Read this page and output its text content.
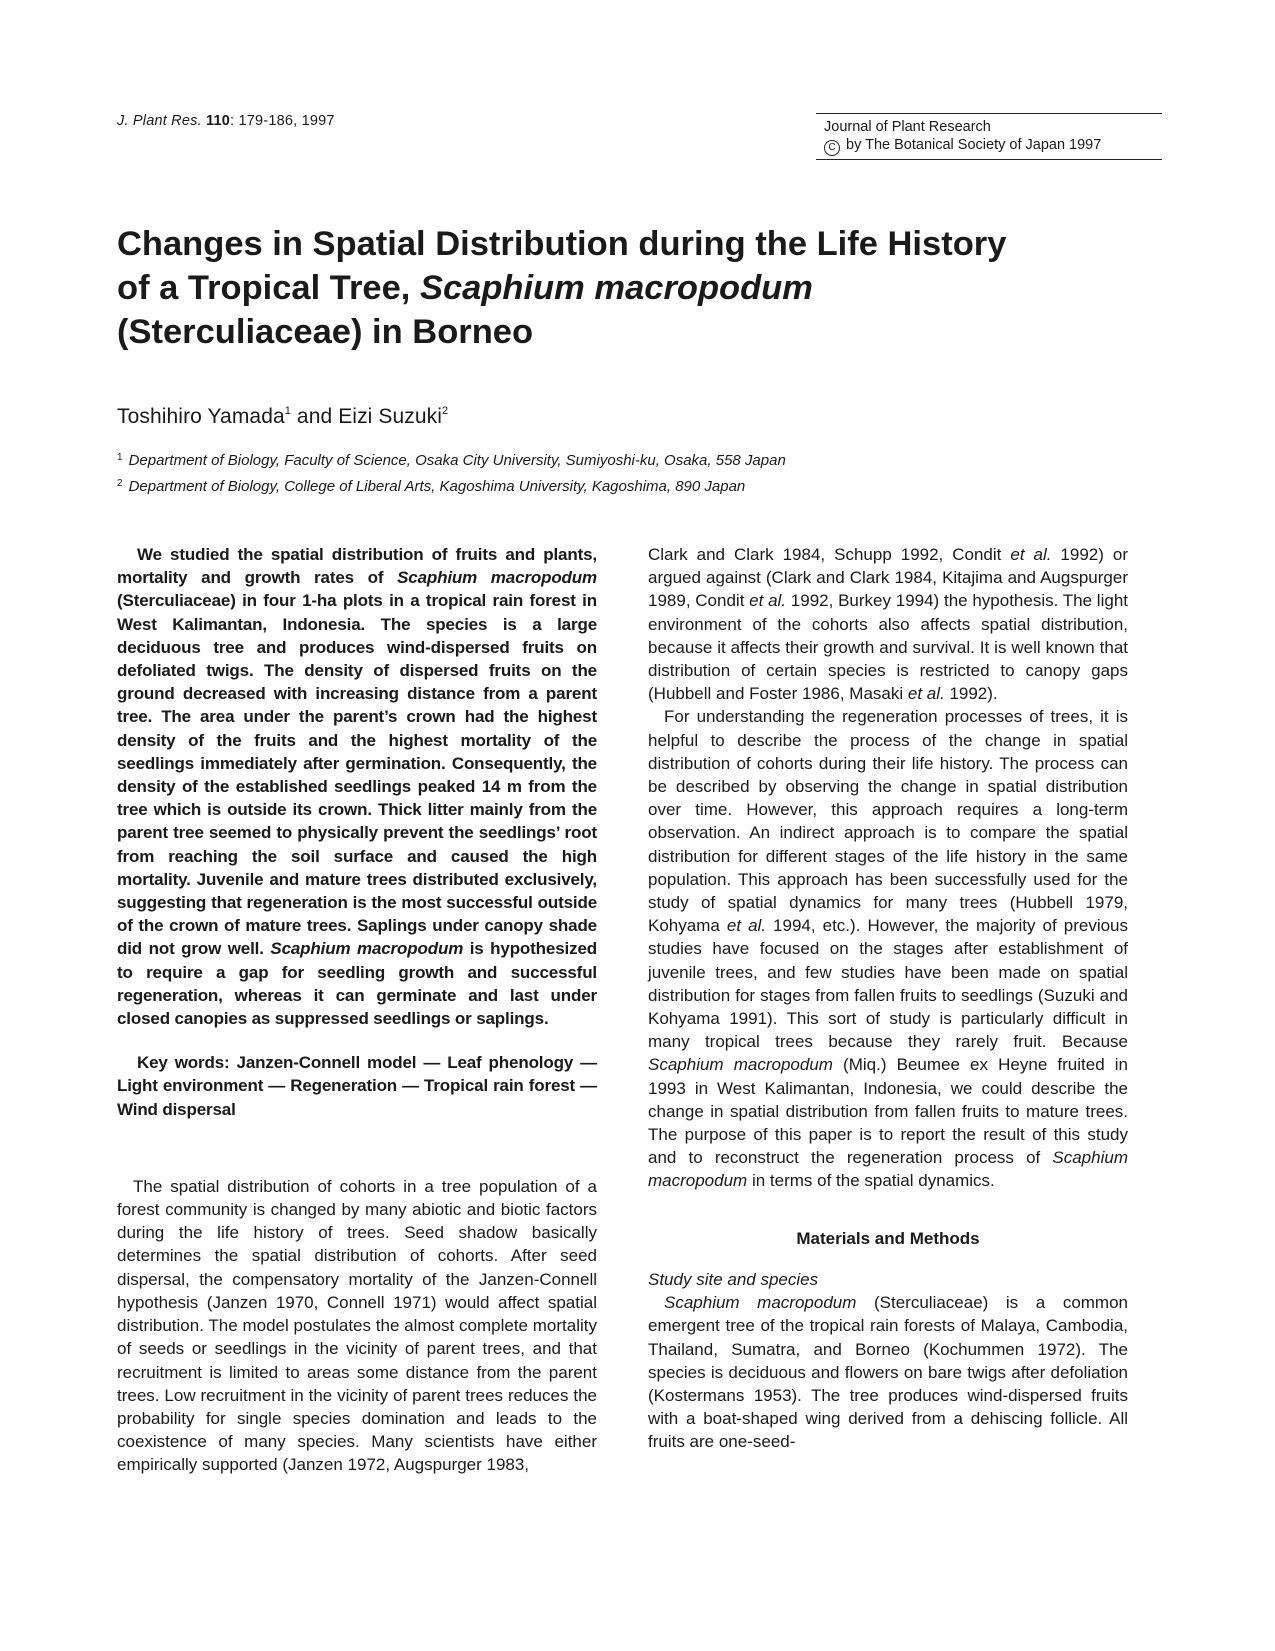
J. Plant Res. 110: 179-186, 1997	Journal of Plant Research
C by The Botanical Society of Japan 1997
Changes in Spatial Distribution during the Life History
of a Tropical Tree, Scaphium macropodum
(Sterculiaceae) in Borneo
Toshihiro Yamada$^1$ and Eizi Suzuki$^2$
$^1$ Department of Biology, Faculty of Science, Osaka City University, Sumiyoshi-ku, Osaka, 558 Japan
$^2$ Department of Biology, College of Liberal Arts, Kagoshima University, Kagoshima, 890 Japan

We studied the spatial distribution of fruits and plants, mortality and growth rates of Scaphium macropodum (Sterculiaceae) in four 1-ha plots in a tropical rain forest in West Kalimantan, Indonesia. The species is a large deciduous tree and produces wind-dispersed fruits on defoliated twigs. The density of dispersed fruits on the ground decreased with increasing distance from a parent tree. The area under the parent’s crown had the highest density of the fruits and the highest mortality of the seedlings immediately after germination. Consequently, the density of the established seedlings peaked 14 m from the tree which is outside its crown. Thick litter mainly from the parent tree seemed to physically prevent the seedlings’ root from reaching the soil surface and caused the high mortality. Juvenile and mature trees distributed exclusively, suggesting that regeneration is the most successful outside of the crown of mature trees. Saplings under canopy shade did not grow well. Scaphium macropodum is hypothesized to require a gap for seedling growth and successful regeneration, whereas it can germinate and last under closed canopies as suppressed seedlings or saplings.

Key words: Janzen-Connell model — Leaf phenology — Light environment — Regeneration — Tropical rain forest — Wind dispersal

The spatial distribution of cohorts in a tree population of a forest community is changed by many abiotic and biotic factors during the life history of trees. Seed shadow basically determines the spatial distribution of cohorts. After seed dispersal, the compensatory mortality of the Janzen-Connell hypothesis (Janzen 1970, Connell 1971) would affect spatial distribution. The model postulates the almost complete mortality of seeds or seedlings in the vicinity of parent trees, and that recruitment is limited to areas some distance from the parent trees. Low recruitment in the vicinity of parent trees reduces the probability for single species domination and leads to the coexistence of many species. Many scientists have either empirically supported (Janzen 1972, Augspurger 1983,

Clark and Clark 1984, Schupp 1992, Condit et al. 1992) or argued against (Clark and Clark 1984, Kitajima and Augspurger 1989, Condit et al. 1992, Burkey 1994) the hypothesis. The light environment of the cohorts also affects spatial distribution, because it affects their growth and survival. It is well known that distribution of certain species is restricted to canopy gaps (Hubbell and Foster 1986, Masaki et al. 1992).

For understanding the regeneration processes of trees, it is helpful to describe the process of the change in spatial distribution of cohorts during their life history. The process can be described by observing the change in spatial distribution over time. However, this approach requires a long-term observation. An indirect approach is to compare the spatial distribution for different stages of the life history in the same population. This approach has been successfully used for the study of spatial dynamics for many trees (Hubbell 1979, Kohyama et al. 1994, etc.). However, the majority of previous studies have focused on the stages after establishment of juvenile trees, and few studies have been made on spatial distribution for stages from fallen fruits to seedlings (Suzuki and Kohyama 1991). This sort of study is particularly difficult in many tropical trees because they rarely fruit. Because Scaphium macropodum (Miq.) Beumee ex Heyne fruited in 1993 in West Kalimantan, Indonesia, we could describe the change in spatial distribution from fallen fruits to mature trees. The purpose of this paper is to report the result of this study and to reconstruct the regeneration process of Scaphium macropodum in terms of the spatial dynamics.

Materials and Methods

Study site and species

Scaphium macropodum (Sterculiaceae) is a common emergent tree of the tropical rain forests of Malaya, Cambodia, Thailand, Sumatra, and Borneo (Kochummen 1972). The species is deciduous and flowers on bare twigs after defoliation (Kostermans 1953). The tree produces wind-dispersed fruits with a boat-shaped wing derived from a dehiscing follicle. All fruits are one-seed-
